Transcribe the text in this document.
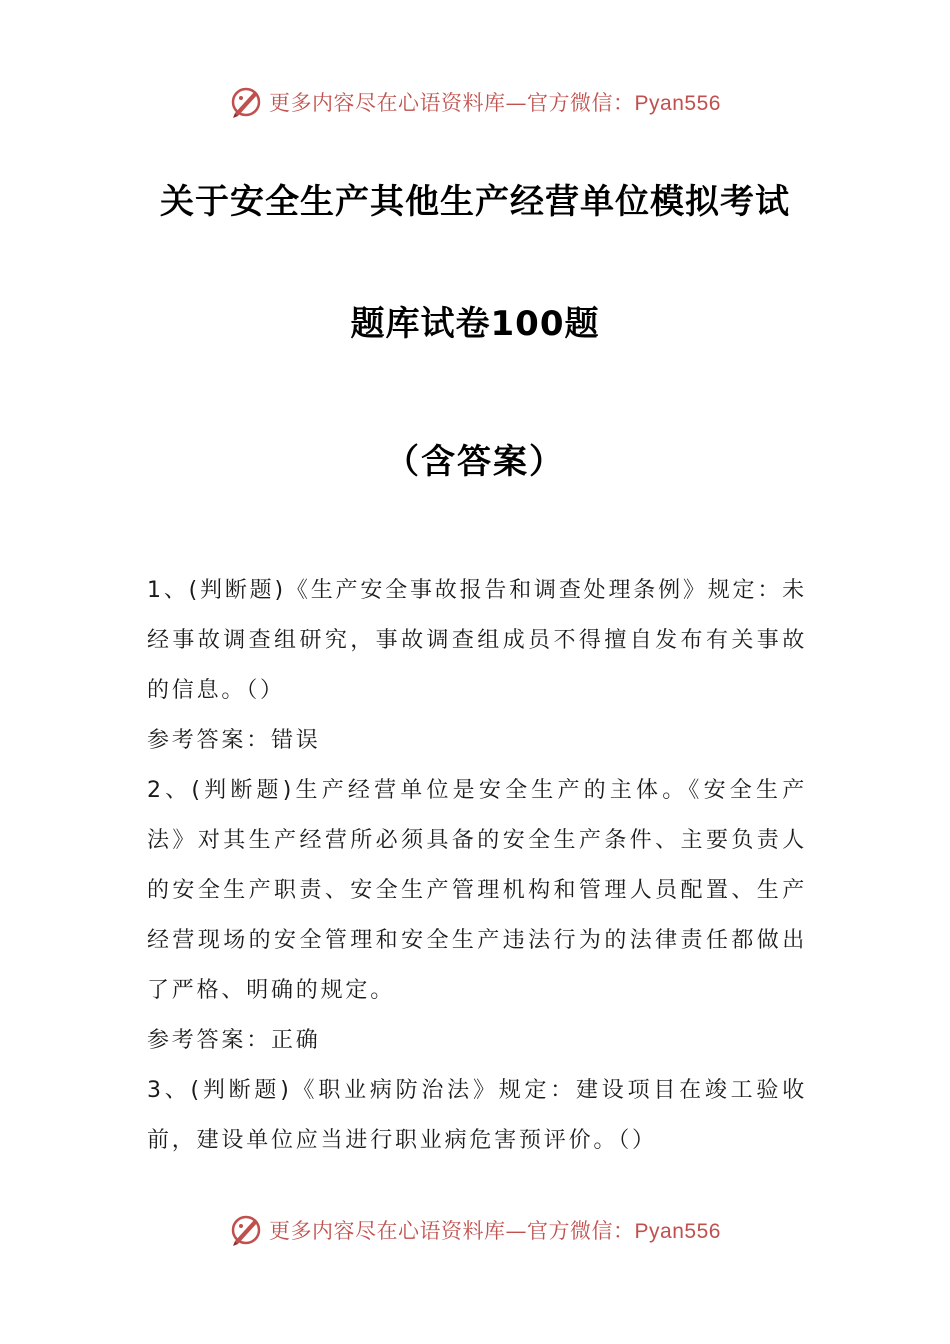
更多内容尽在心语资料库—官方微信：Pyan556
关于安全生产其他生产经营单位模拟考试
题库试卷100题
（含答案）

1、(判断题)《生产安全事故报告和调查处理条例》规定：未经事故调查组研究，事故调查组成员不得擅自发布有关事故的信息。（）

参考答案：错误

2、(判断题)生产经营单位是安全生产的主体。《安全生产法》对其生产经营所必须具备的安全生产条件、主要负责人的安全生产职责、安全生产管理机构和管理人员配置、生产经营现场的安全管理和安全生产违法行为的法律责任都做出了严格、明确的规定。

参考答案：正确

3、(判断题)《职业病防治法》规定：建设项目在竣工验收前，建设单位应当进行职业病危害预评价。（）

更多内容尽在心语资料库—官方微信：Pyan556
